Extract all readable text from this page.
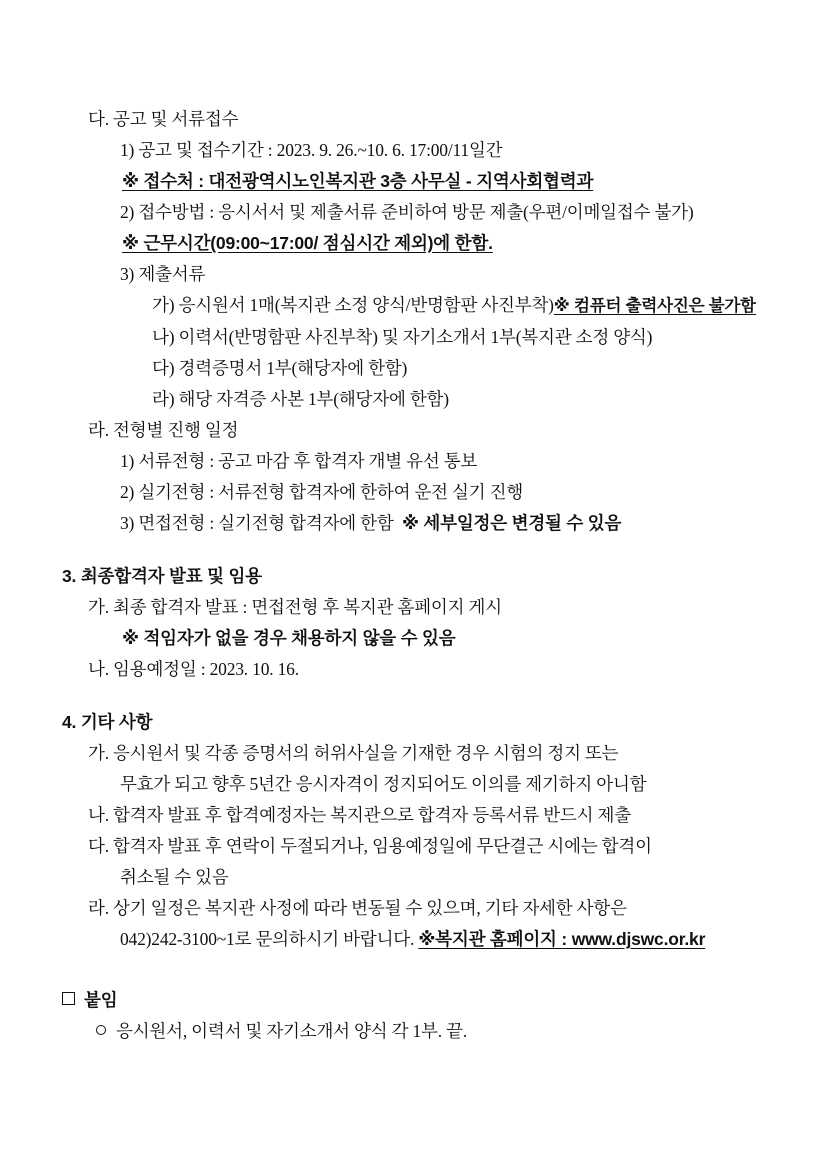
다. 공고 및 서류접수
1) 공고 및 접수기간 : 2023. 9. 26.~10. 6. 17:00/11일간
※ 접수처 : 대전광역시노인복지관 3층 사무실 - 지역사회협력과
2) 접수방법 : 응시서서 및 제출서류 준비하여 방문 제출(우편/이메일접수 불가)
※ 근무시간(09:00~17:00/ 점심시간 제외)에 한함.
3) 제출서류
가) 응시원서 1매(복지관 소정 양식/반명함판 사진부착)※ 컴퓨터 출력사진은 불가함
나) 이력서(반명함판 사진부착) 및 자기소개서 1부(복지관 소정 양식)
다) 경력증명서 1부(해당자에 한함)
라) 해당 자격증 사본 1부(해당자에 한함)
라. 전형별 진행 일정
1) 서류전형 : 공고 마감 후 합격자 개별 유선 통보
2) 실기전형 : 서류전형 합격자에 한하여 운전 실기 진행
3) 면접전형 : 실기전형 합격자에 한함 ※ 세부일정은 변경될 수 있음
3. 최종합격자 발표 및 임용
가. 최종 합격자 발표 : 면접전형 후 복지관 홈페이지 게시
※ 적임자가 없을 경우 채용하지 않을 수 있음
나. 임용예정일 : 2023. 10. 16.
4. 기타 사항
가. 응시원서 및 각종 증명서의 허위사실을 기재한 경우 시험의 정지 또는
무효가 되고 향후 5년간 응시자격이 정지되어도 이의를 제기하지 아니함
나. 합격자 발표 후 합격예정자는 복지관으로 합격자 등록서류 반드시 제출
다. 합격자 발표 후 연락이 두절되거나, 임용예정일에 무단결근 시에는 합격이
취소될 수 있음
라. 상기 일정은 복지관 사정에 따라 변동될 수 있으며, 기타 자세한 사항은
042)242-3100~1로 문의하시기 바랍니다. ※복지관 홈페이지 : www.djswc.or.kr
붙임
응시원서, 이력서 및 자기소개서 양식 각 1부. 끝.
